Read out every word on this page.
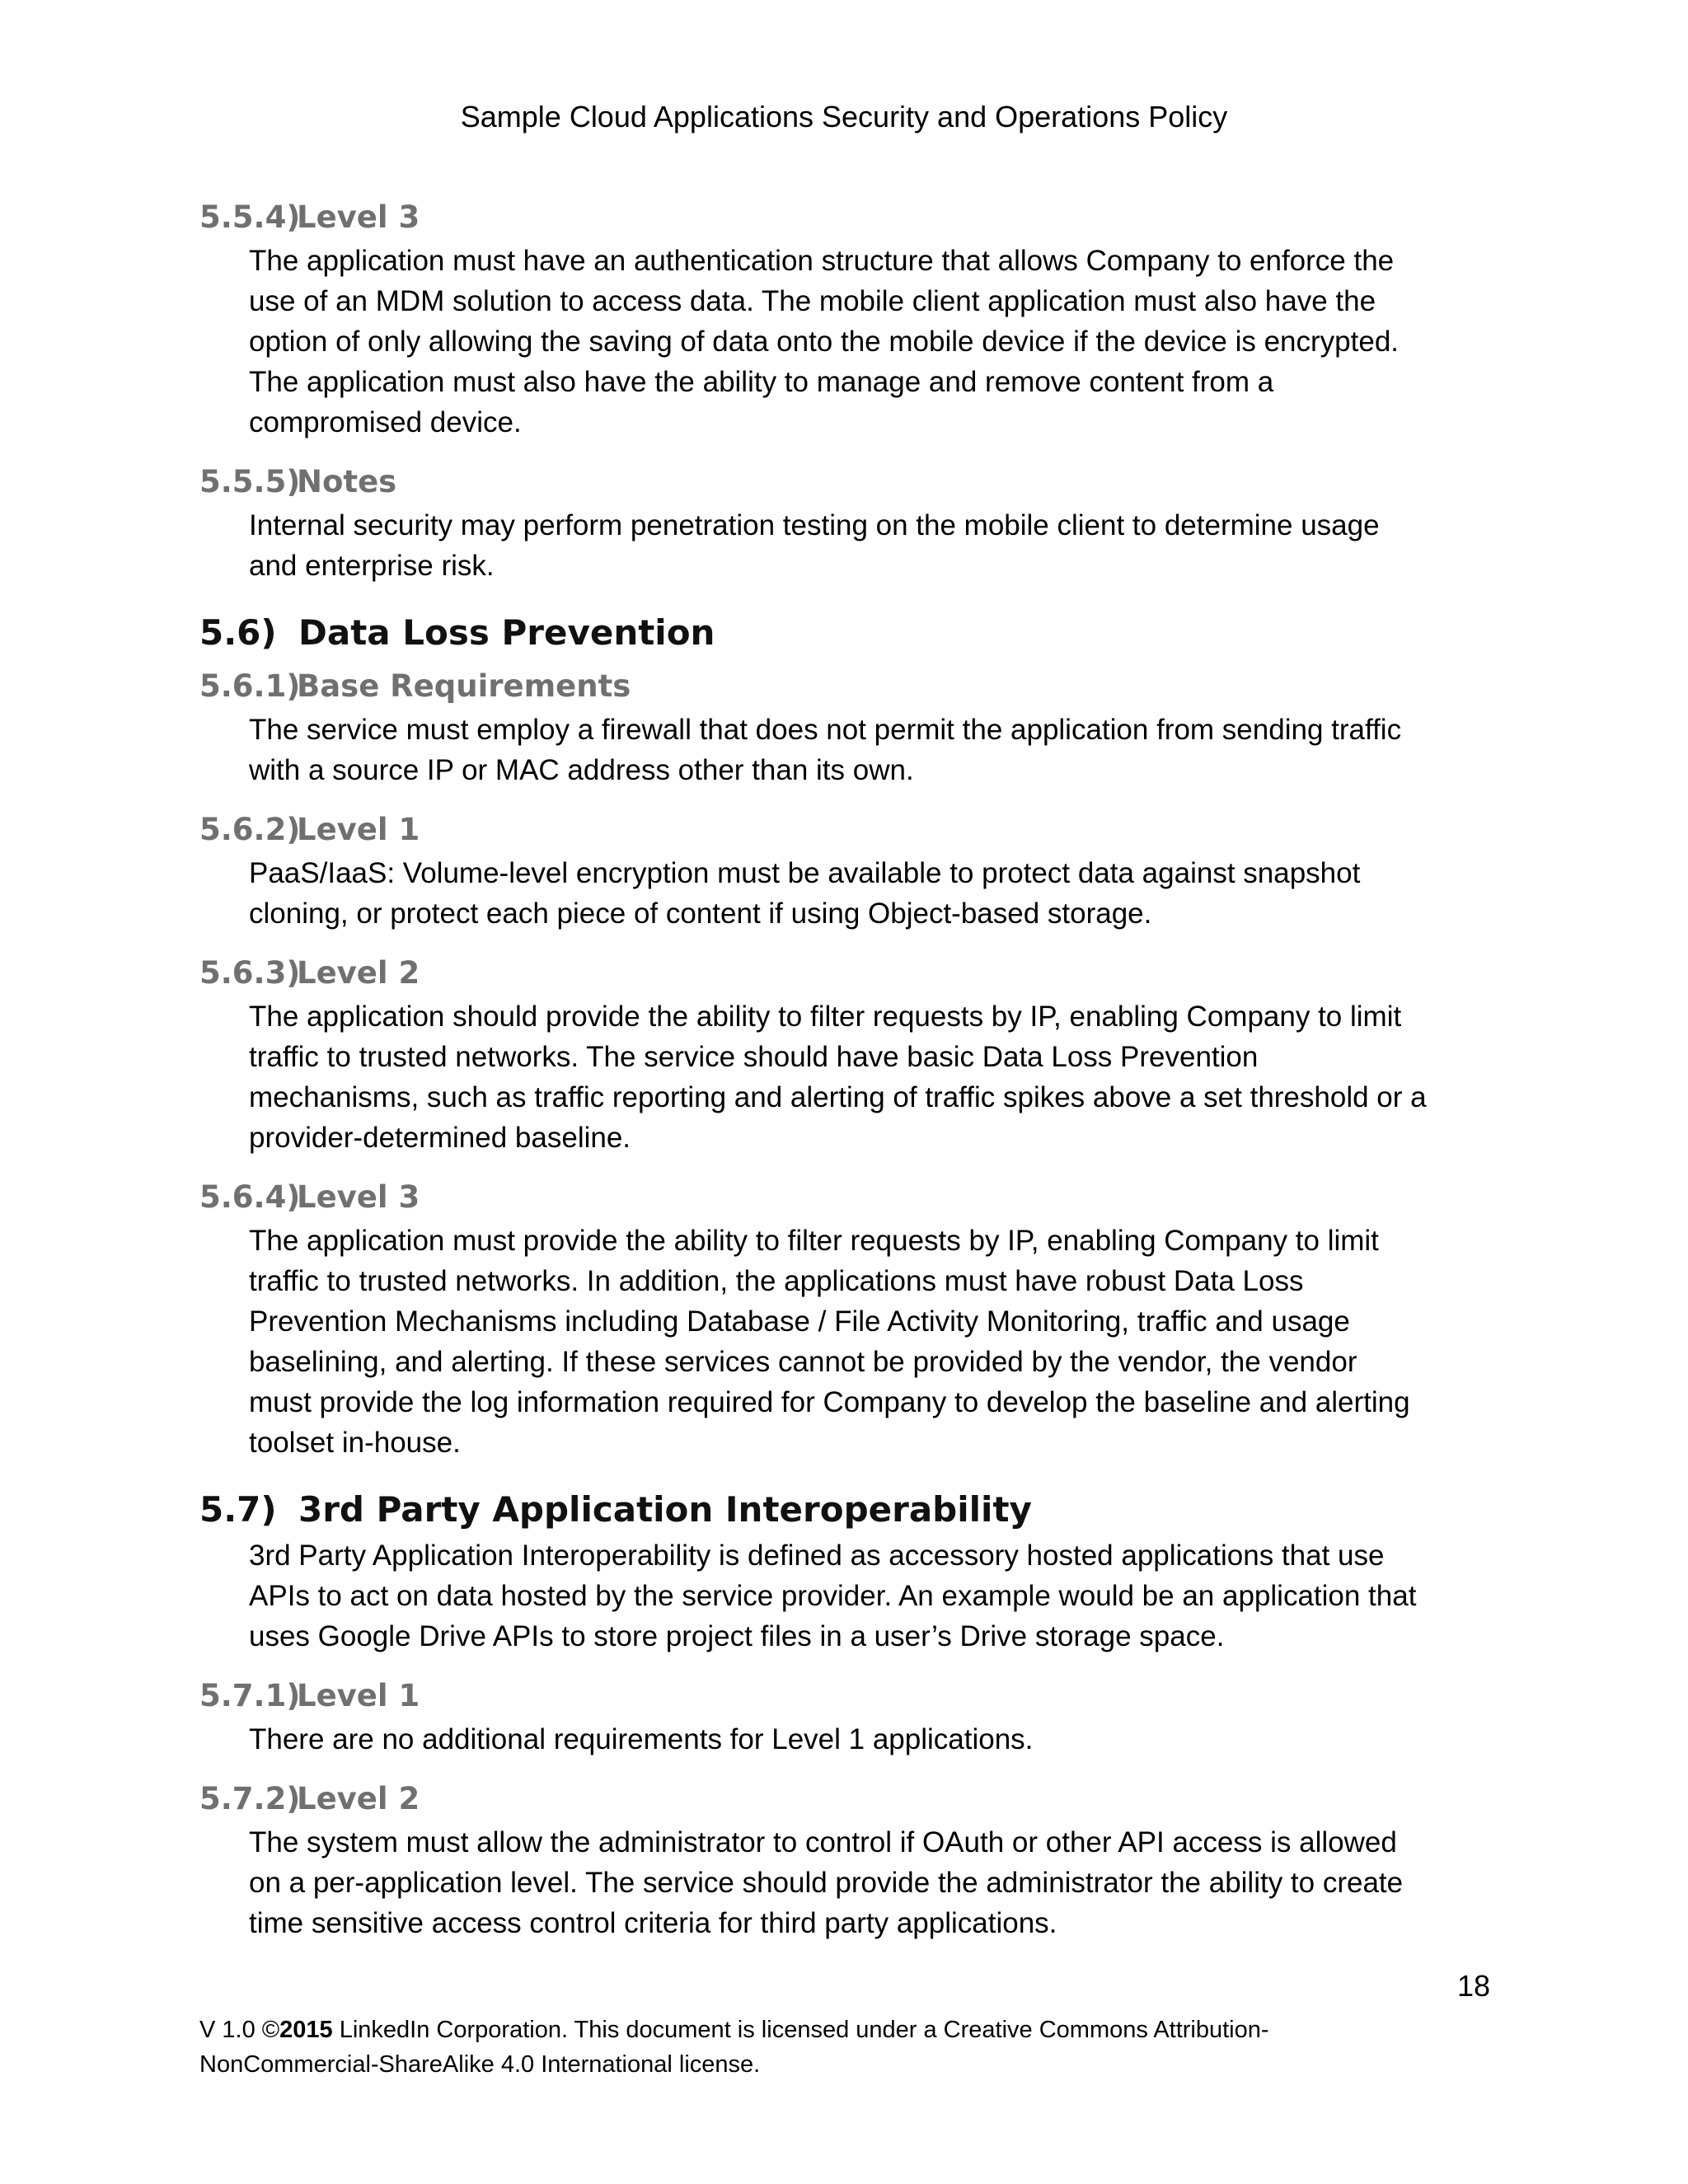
Sample Cloud Applications Security and Operations Policy
5.5.4)Level 3

The application must have an authentication structure that allows Company to enforce the
use of an MDM solution to access data. The mobile client application must also have the
option of only allowing the saving of data onto the mobile device if the device is encrypted.
The application must also have the ability to manage and remove content from a
compromised device.

5.5.5)Notes

Internal security may perform penetration testing on the mobile client to determine usage
and enterprise risk.

5.6) Data Loss Prevention
5.6.1)Base Requirements

The service must employ a firewall that does not permit the application from sending traffic
with a source IP or MAC address other than its own.

5.6.2)Level 1

PaaS/IaaS: Volume-level encryption must be available to protect data against snapshot
cloning, or protect each piece of content if using Object-based storage.

5.6.3)Level 2

The application should provide the ability to filter requests by IP, enabling Company to limit
traffic to trusted networks. The service should have basic Data Loss Prevention
mechanisms, such as traffic reporting and alerting of traffic spikes above a set threshold or a
provider-determined baseline.

5.6.4)Level 3

The application must provide the ability to filter requests by IP, enabling Company to limit
traffic to trusted networks. In addition, the applications must have robust Data Loss
Prevention Mechanisms including Database / File Activity Monitoring, traffic and usage
baselining, and alerting. If these services cannot be provided by the vendor, the vendor
must provide the log information required for Company to develop the baseline and alerting
toolset in-house.

5.7) 3rd Party Application Interoperability

3rd Party Application Interoperability is defined as accessory hosted applications that use
APIs to act on data hosted by the service provider. An example would be an application that
uses Google Drive APIs to store project files in a user’s Drive storage space.

5.7.1)Level 1

There are no additional requirements for Level 1 applications.

5.7.2)Level 2

The system must allow the administrator to control if OAuth or other API access is allowed
on a per-application level. The service should provide the administrator the ability to create
time sensitive access control criteria for third party applications.

18
V 1.0 ©2015 LinkedIn Corporation. This document is licensed under a Creative Commons Attribution-
NonCommercial-ShareAlike 4.0 International license.
